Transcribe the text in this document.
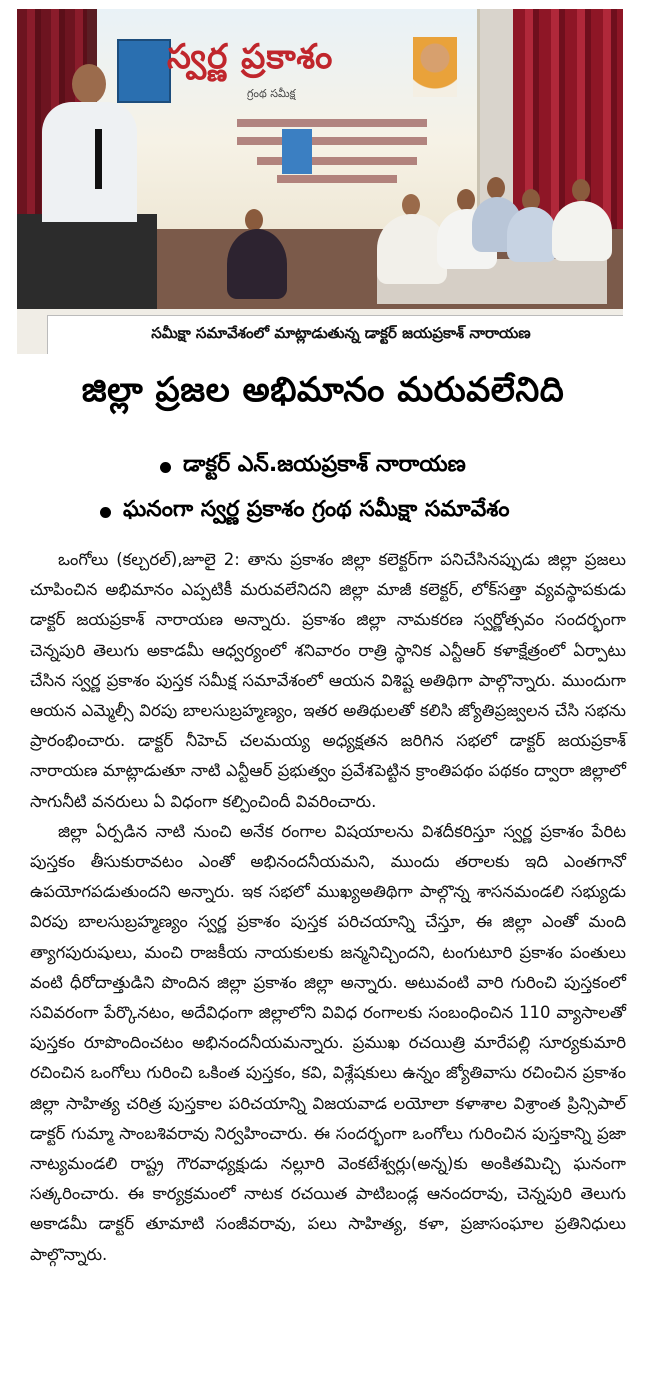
స్వర్ణ ప్రకాశం
గ్రంథ సమీక్ష
సమీక్షా సమావేశంలో మాట్లాడుతున్న డాక్టర్ జయప్రకాశ్ నారాయణ
జిల్లా ప్రజల అభిమానం మరువలేనిది
డాక్టర్ ఎన్.జయప్రకాశ్ నారాయణ
ఘనంగా స్వర్ణ ప్రకాశం గ్రంథ సమీక్షా సమావేశం

ఒంగోలు (కల్చరల్),జూలై 2: తాను ప్రకాశం జిల్లా కలెక్టర్‌గా పనిచేసినప్పుడు జిల్లా ప్రజలు చూపించిన అభిమానం ఎప్పటికీ మరువలేనిదని జిల్లా మాజీ కలెక్టర్, లోక్‌సత్తా వ్యవస్థాపకుడు డాక్టర్ జయప్రకాశ్ నారాయణ అన్నారు. ప్రకాశం జిల్లా నామకరణ స్వర్ణోత్సవం సందర్భంగా చెన్నపురి తెలుగు అకాడమీ ఆధ్వర్యంలో శనివారం రాత్రి స్థానిక ఎన్టీఆర్ కళాక్షేత్రంలో ఏర్పాటు చేసిన స్వర్ణ ప్రకాశం పుస్తక సమీక్ష సమావేశంలో ఆయన విశిష్ట అతిథిగా పాల్గొన్నారు. ముందుగా ఆయన ఎమ్మెల్సీ విరపు బాలసుబ్రహ్మణ్యం, ఇతర అతిథులతో కలిసి జ్యోతిప్రజ్వలన చేసి సభను ప్రారంభించారు. డాక్టర్ నీహెచ్ చలమయ్య అధ్యక్షతన జరిగిన సభలో డాక్టర్ జయప్రకాశ్ నారాయణ మాట్లాడుతూ నాటి ఎన్టీఆర్ ప్రభుత్వం ప్రవేశపెట్టిన క్రాంతిపథం పథకం ద్వారా జిల్లాలో సాగునీటి వనరులు ఏ విధంగా కల్పించిందీ వివరించారు.

జిల్లా ఏర్పడిన నాటి నుంచి అనేక రంగాల విషయాలను విశదీకరిస్తూ స్వర్ణ ప్రకాశం పేరిట పుస్తకం తీసుకురావటం ఎంతో అభినందనీయమని, ముందు తరాలకు ఇది ఎంతగానో ఉపయోగపడుతుందని అన్నారు. ఇక సభలో ముఖ్యఅతిథిగా పాల్గొన్న శాసనమండలి సభ్యుడు విరపు బాలసుబ్రహ్మణ్యం స్వర్ణ ప్రకాశం పుస్తక పరిచయాన్ని చేస్తూ, ఈ జిల్లా ఎంతో మంది త్యాగపురుషులు, మంచి రాజకీయ నాయకులకు జన్మనిచ్చిందని, టంగుటూరి ప్రకాశం పంతులు వంటి ధీరోదాత్తుడిని పొందిన జిల్లా ప్రకాశం జిల్లా అన్నారు. అటువంటి వారి గురించి పుస్తకంలో సవివరంగా పేర్కొనటం, అదేవిధంగా జిల్లాలోని వివిధ రంగాలకు సంబంధించిన 110 వ్యాసాలతో పుస్తకం రూపొందించటం అభినందనీయమన్నారు. ప్రముఖ రచయిత్రి మారేపల్లి సూర్యకుమారి రచించిన ఒంగోలు గురించి ఒకింత పుస్తకం, కవి, విశ్లేషకులు ఉన్నం జ్యోతివాసు రచించిన ప్రకాశం జిల్లా సాహిత్య చరిత్ర పుస్తకాల పరిచయాన్ని విజయవాడ లయోలా కళాశాల విశ్రాంత ప్రిన్సిపాల్ డాక్టర్ గుమ్మా సాంబశివరావు నిర్వహించారు. ఈ సందర్భంగా ఒంగోలు గురించిన పుస్తకాన్ని ప్రజా నాట్యమండలి రాష్ట్ర గౌరవాధ్యక్షుడు నల్లూరి వెంకటేశ్వర్లు(అన్న)కు అంకితమిచ్చి ఘనంగా సత్కరించారు. ఈ కార్యక్రమంలో నాటక రచయిత పాటిబండ్ల ఆనందరావు, చెన్నపురి తెలుగు అకాడమీ డాక్టర్ తూమాటి సంజీవరావు, పలు సాహిత్య, కళా, ప్రజాసంఘాల ప్రతినిధులు పాల్గొన్నారు.
